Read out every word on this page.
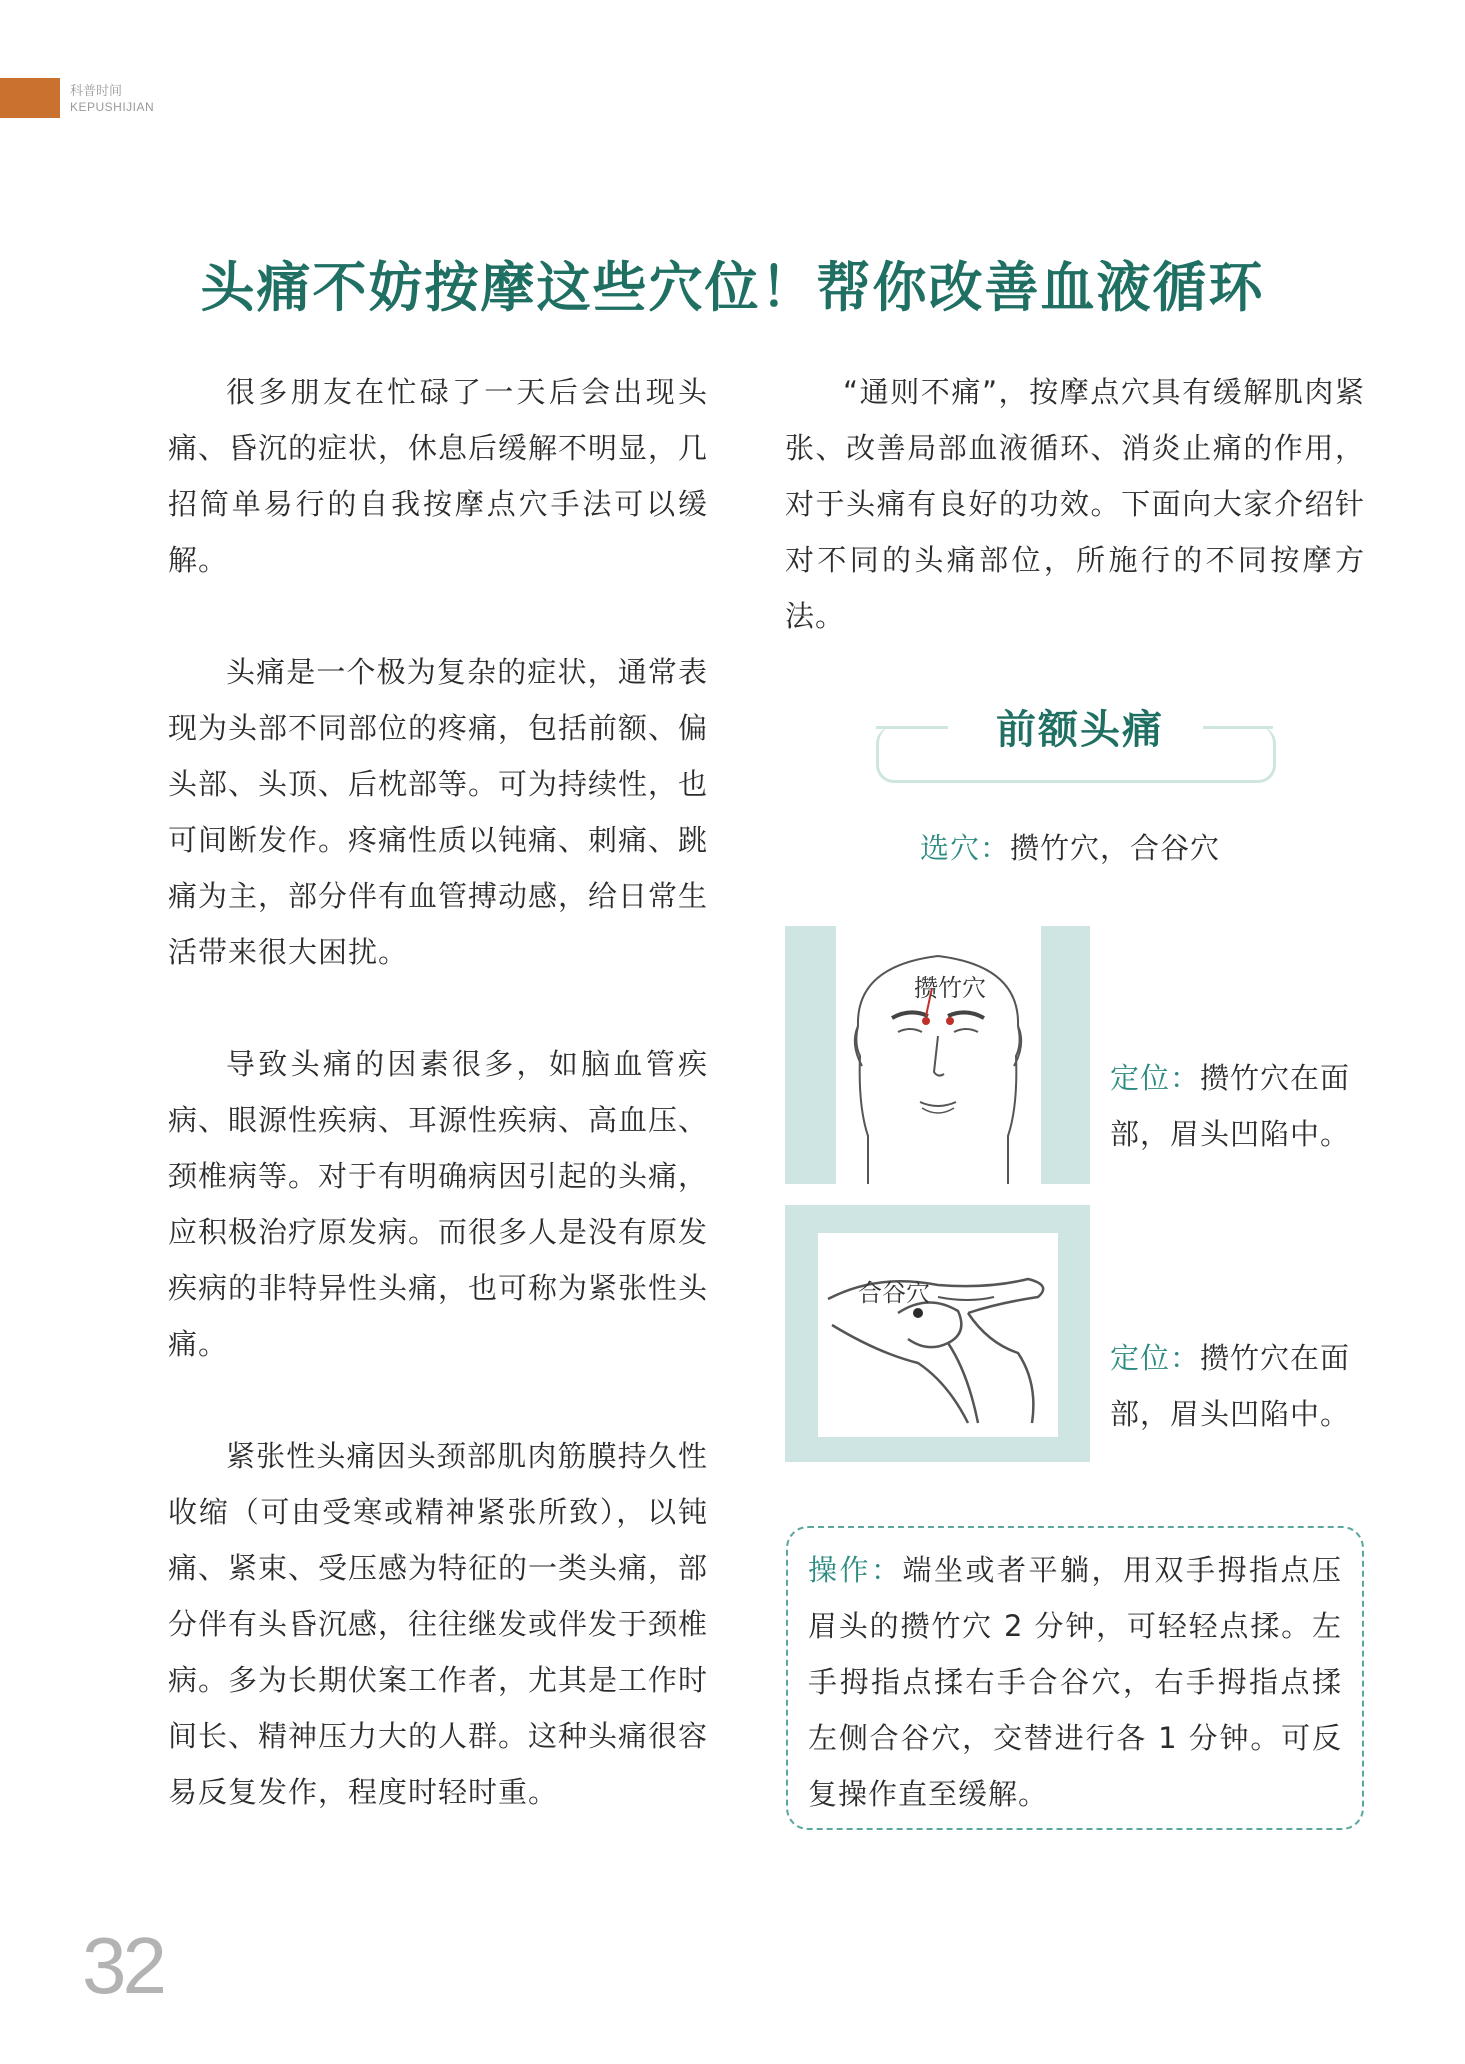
科普时间
KEPUSHIJIAN
头痛不妨按摩这些穴位！帮你改善血液循环

很多朋友在忙碌了一天后会出现头痛、昏沉的症状，休息后缓解不明显，几招简单易行的自我按摩点穴手法可以缓解。

头痛是一个极为复杂的症状，通常表现为头部不同部位的疼痛，包括前额、偏头部、头顶、后枕部等。可为持续性，也可间断发作。疼痛性质以钝痛、刺痛、跳痛为主，部分伴有血管搏动感，给日常生活带来很大困扰。

导致头痛的因素很多，如脑血管疾病、眼源性疾病、耳源性疾病、高血压、颈椎病等。对于有明确病因引起的头痛，应积极治疗原发病。而很多人是没有原发疾病的非特异性头痛，也可称为紧张性头痛。

紧张性头痛因头颈部肌肉筋膜持久性收缩（可由受寒或精神紧张所致），以钝痛、紧束、受压感为特征的一类头痛，部分伴有头昏沉感，往往继发或伴发于颈椎病。多为长期伏案工作者，尤其是工作时间长、精神压力大的人群。这种头痛很容易反复发作，程度时轻时重。

“通则不痛”，按摩点穴具有缓解肌肉紧张、改善局部血液循环、消炎止痛的作用，对于头痛有良好的功效。下面向大家介绍针对不同的头痛部位，所施行的不同按摩方法。

前额头痛
选穴：攒竹穴，合谷穴
攒竹穴
合谷穴
定位：攒竹穴在面部，眉头凹陷中。
定位：攒竹穴在面部，眉头凹陷中。

操作：端坐或者平躺，用双手拇指点压眉头的攒竹穴 2 分钟，可轻轻点揉。左手拇指点揉右手合谷穴，右手拇指点揉左侧合谷穴，交替进行各 1 分钟。可反复操作直至缓解。

32
